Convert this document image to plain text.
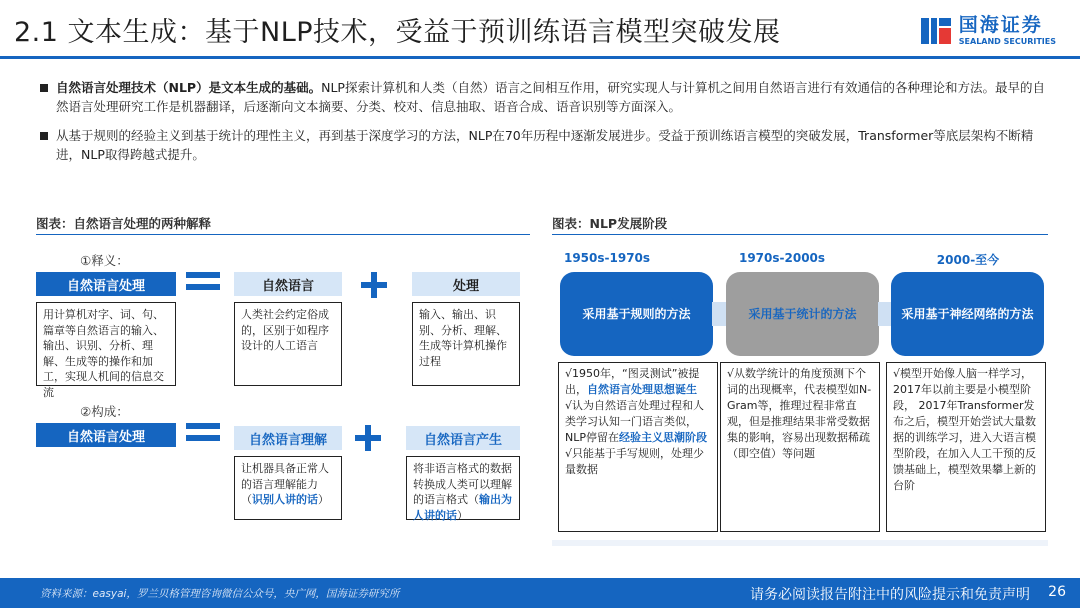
2.1 文本生成：基于NLP技术，受益于预训练语言模型突破发展	国海证券
SEALAND SECURITIES
自然语言处理技术（NLP）是文本生成的基础。NLP探索计算机和人类（自然）语言之间相互作用，研究实现人与计算机之间用自然语言进行有效通信的各种理论和方法。最早的自然语言处理研究工作是机器翻译，后逐渐向文本摘要、分类、校对、信息抽取、语音合成、语音识别等方面深入。
从基于规则的经验主义到基于统计的理性主义，再到基于深度学习的方法，NLP在70年历程中逐渐发展进步。受益于预训练语言模型的突破发展，Transformer等底层架构不断精进，NLP取得跨越式提升。
图表：自然语言处理的两种解释
①释义：
自然语言处理	自然语言	处理
用计算机对字、词、句、篇章等自然语言的输入、输出、识别、分析、理解、生成等的操作和加工，实现人机间的信息交流
人类社会约定俗成的，区别于如程序设计的人工语言
输入、输出、识别、分析、理解、生成等计算机操作过程
②构成：
自然语言处理	自然语言理解	自然语言产生
让机器具备正常人的语言理解能力（识别人讲的话）
将非语言格式的数据转换成人类可以理解的语言格式（输出为人讲的话）
图表：NLP发展阶段
1950s-1970s	1970s-2000s	2000-至今
采用基于规则的方法	采用基于统计的方法	采用基于神经网络的方法
√1950年，“图灵测试”被提出，自然语言处理思想诞生
√认为自然语言处理过程和人类学习认知一门语言类似，NLP停留在经验主义思潮阶段
√只能基于手写规则，处理少量数据
√从数学统计的角度预测下个词的出现概率，代表模型如N-Gram等，推理过程非常直观，但是推理结果非常受数据集的影响，容易出现数据稀疏（即空值）等问题
√模型开始像人脑一样学习，2017年以前主要是小模型阶段， 2017年Transformer发布之后，模型开始尝试大量数据的训练学习，进入大语言模型阶段，在加入人工干预的反馈基础上，模型效果攀上新的台阶
资料来源：easyai，罗兰贝格管理咨询微信公众号，央广网，国海证券研究所	请务必阅读报告附注中的风险提示和免责声明 26
